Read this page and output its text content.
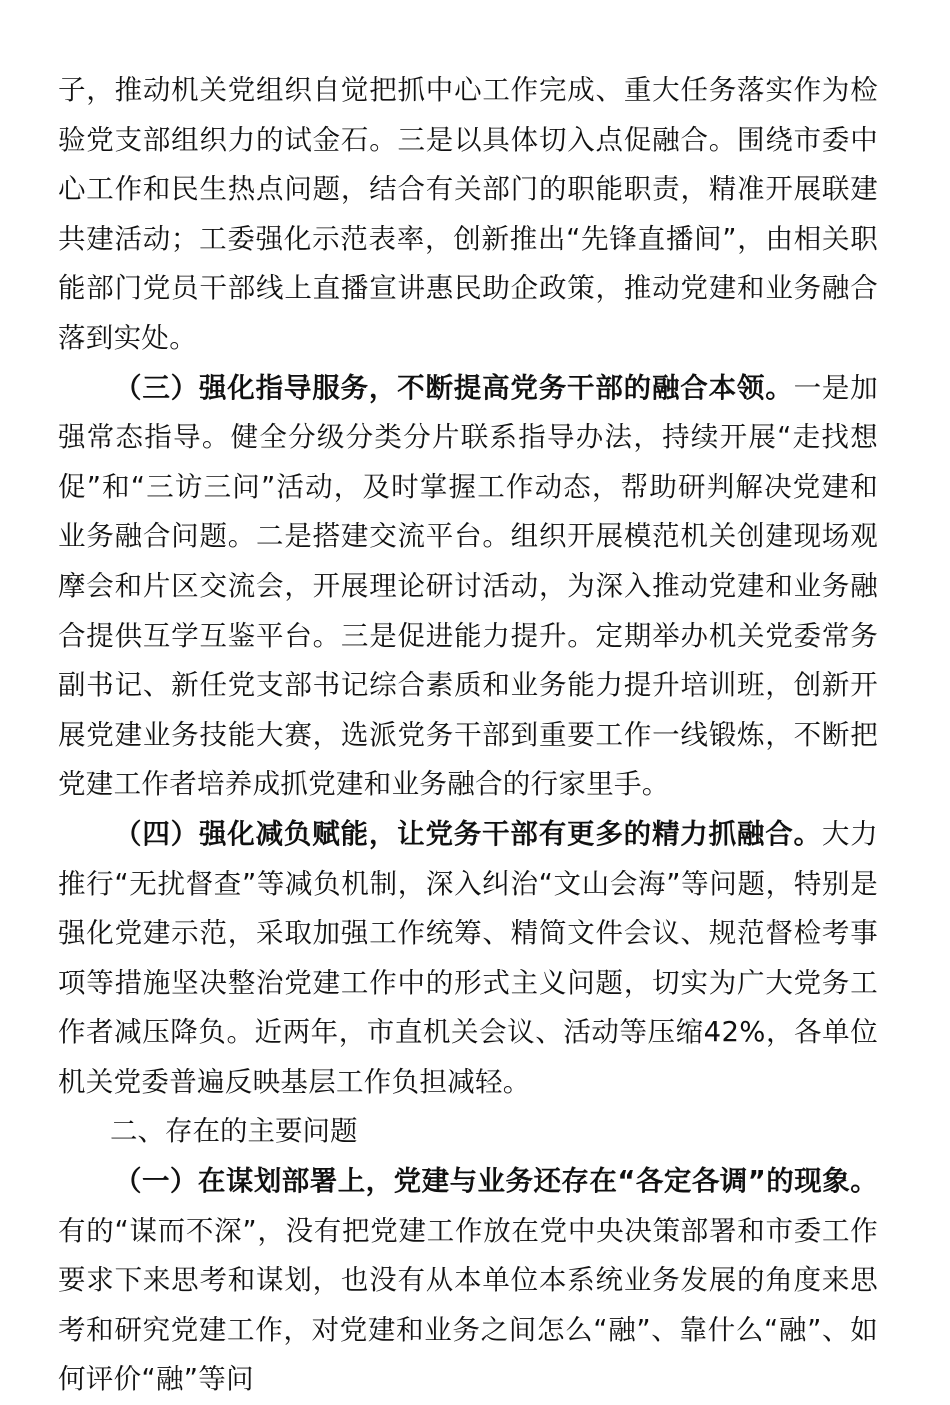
子，推动机关党组织自觉把抓中心工作完成、重大任务落实作为检验党支部组织力的试金石。三是以具体切入点促融合。围绕市委中心工作和民生热点问题，结合有关部门的职能职责，精准开展联建共建活动；工委强化示范表率，创新推出“先锋直播间”，由相关职能部门党员干部线上直播宣讲惠民助企政策，推动党建和业务融合落到实处。

（三）强化指导服务，不断提高党务干部的融合本领。一是加强常态指导。健全分级分类分片联系指导办法，持续开展“走找想促”和“三访三问”活动，及时掌握工作动态，帮助研判解决党建和业务融合问题。二是搭建交流平台。组织开展模范机关创建现场观摩会和片区交流会，开展理论研讨活动，为深入推动党建和业务融合提供互学互鉴平台。三是促进能力提升。定期举办机关党委常务副书记、新任党支部书记综合素质和业务能力提升培训班，创新开展党建业务技能大赛，选派党务干部到重要工作一线锻炼，不断把党建工作者培养成抓党建和业务融合的行家里手。

（四）强化减负赋能，让党务干部有更多的精力抓融合。大力推行“无扰督查”等减负机制，深入纠治“文山会海”等问题，特别是强化党建示范，采取加强工作统筹、精简文件会议、规范督检考事项等措施坚决整治党建工作中的形式主义问题，切实为广大党务工作者减压降负。近两年，市直机关会议、活动等压缩42%，各单位机关党委普遍反映基层工作负担减轻。

二、存在的主要问题

（一）在谋划部署上，党建与业务还存在“各定各调”的现象。有的“谋而不深”，没有把党建工作放在党中央决策部署和市委工作要求下来思考和谋划，也没有从本单位本系统业务发展的角度来思考和研究党建工作，对党建和业务之间怎么“融”、靠什么“融”、如何评价“融”等问
